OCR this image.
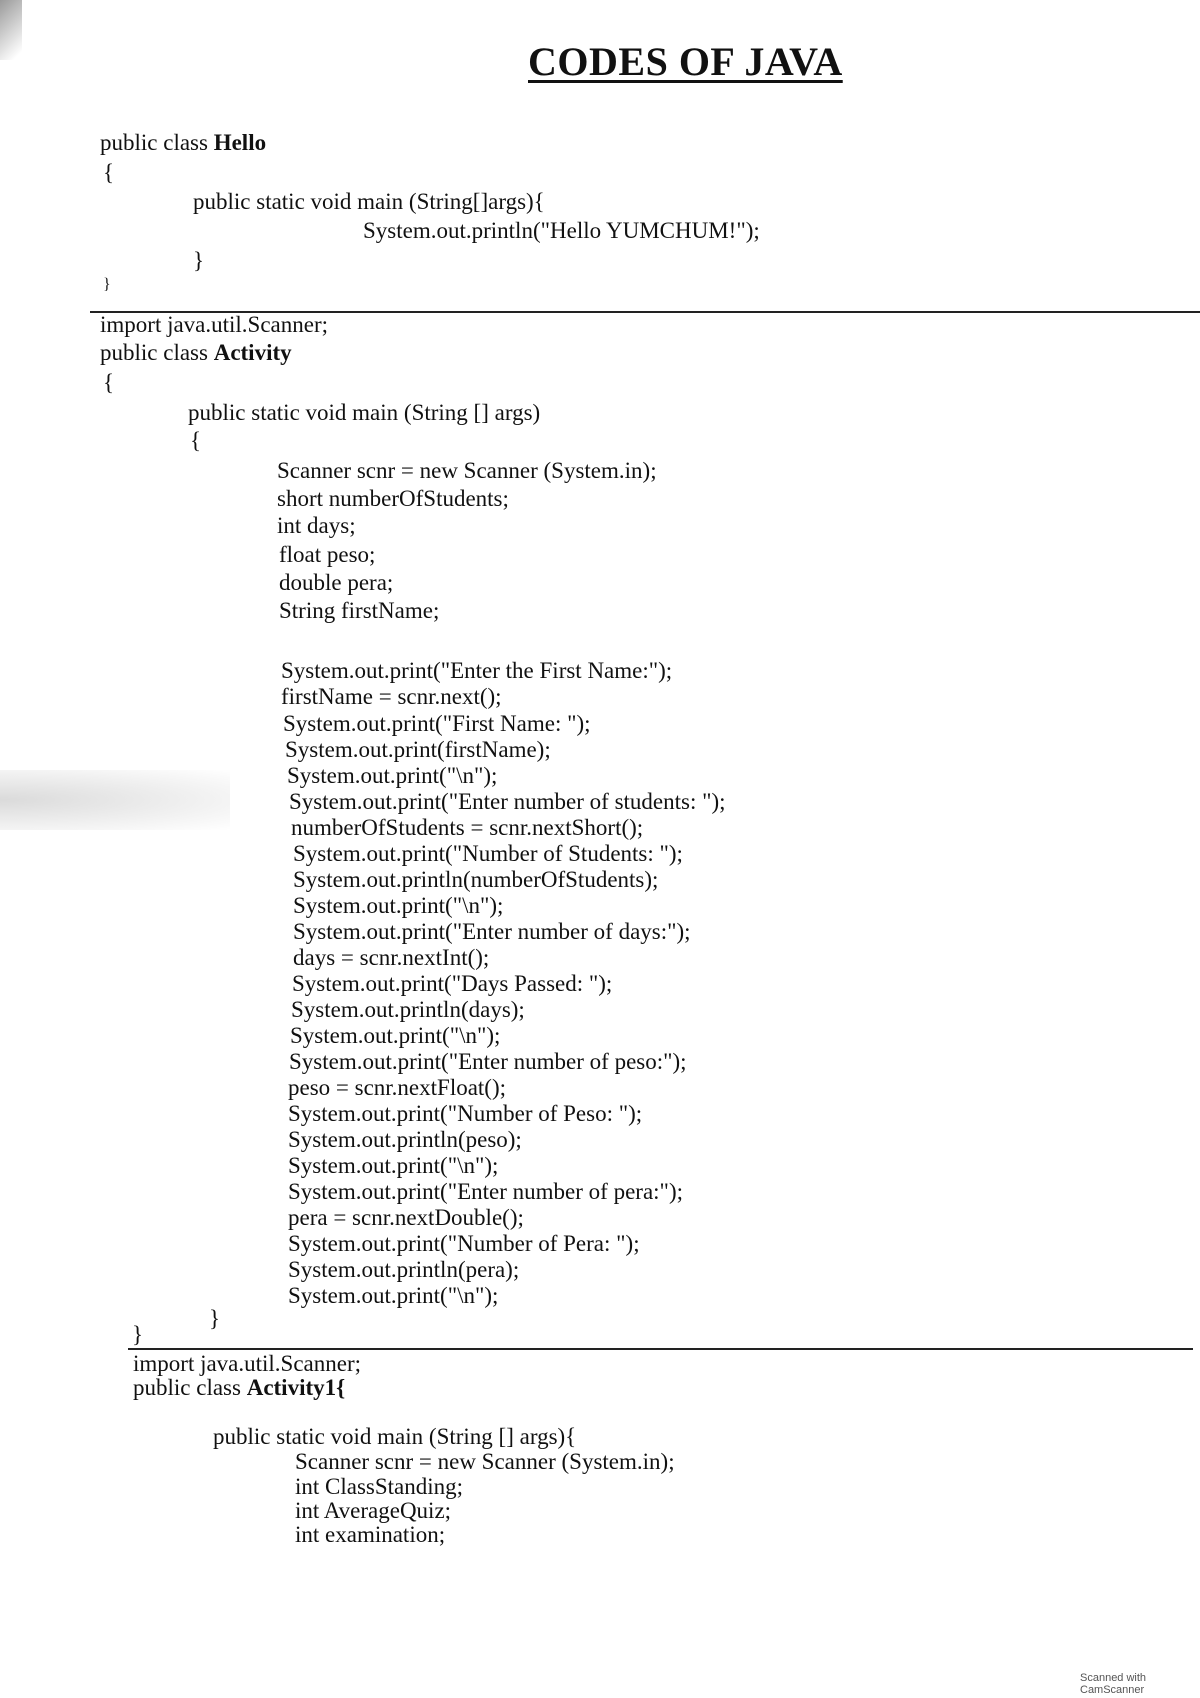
CODES OF JAVA
public class Hello
{
public static void main (String[]args){
System.out.println("Hello YUMCHUM!");
}
}
import java.util.Scanner;
public class Activity
{
public static void main (String [] args)
{
Scanner scnr = new Scanner (System.in);
short numberOfStudents;
int days;
float peso;
double pera;
String firstName;
System.out.print("Enter the First Name:");
firstName = scnr.next();
System.out.print("First Name: ");
System.out.print(firstName);
System.out.print("\n");
System.out.print("Enter number of students: ");
numberOfStudents = scnr.nextShort();
System.out.print("Number of Students: ");
System.out.println(numberOfStudents);
System.out.print("\n");
System.out.print("Enter number of days:");
days = scnr.nextInt();
System.out.print("Days Passed: ");
System.out.println(days);
System.out.print("\n");
System.out.print("Enter number of peso:");
peso = scnr.nextFloat();
System.out.print("Number of Peso: ");
System.out.println(peso);
System.out.print("\n");
System.out.print("Enter number of pera:");
pera = scnr.nextDouble();
System.out.print("Number of Pera: ");
System.out.println(pera);
System.out.print("\n");
}
}
import java.util.Scanner;
public class Activity1{
public static void main (String [] args){
Scanner scnr = new Scanner (System.in);
int ClassStanding;
int AverageQuiz;
int examination;
Scanned with CamScanner
